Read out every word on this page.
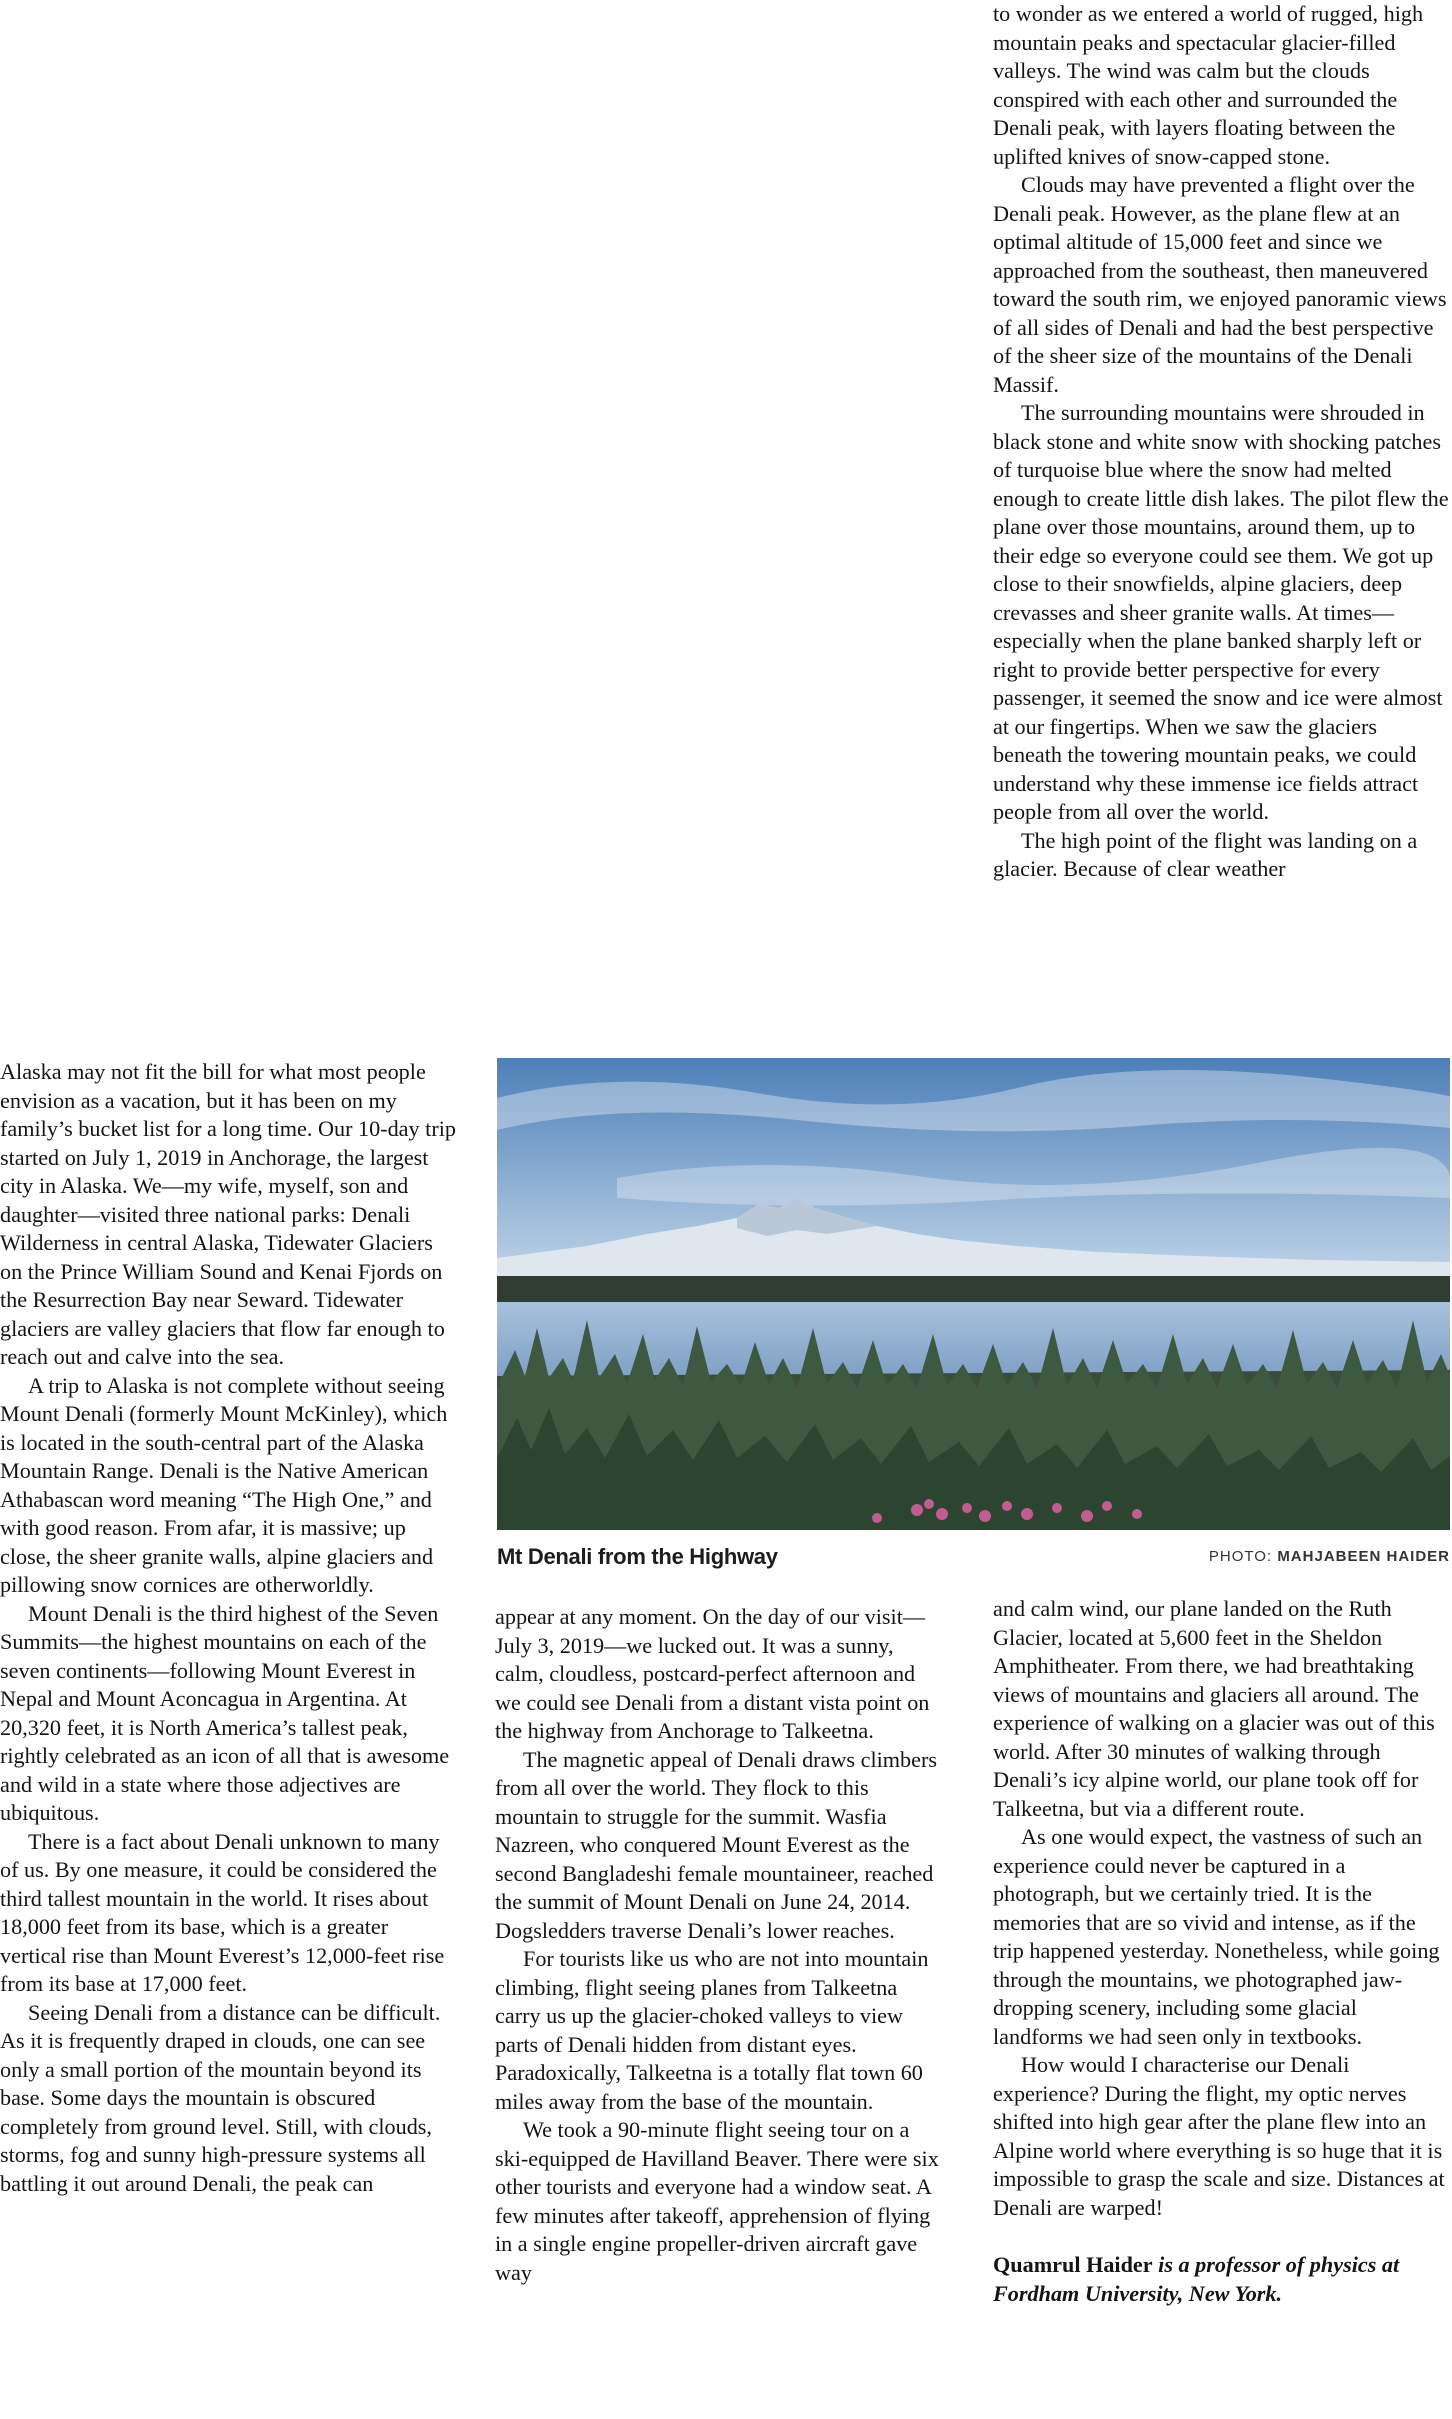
Alaska may not fit the bill for what most people envision as a vacation, but it has been on my family’s bucket list for a long time. Our 10-day trip started on July 1, 2019 in Anchorage, the largest city in Alaska. We—my wife, myself, son and daughter—visited three national parks: Denali Wilderness in central Alaska, Tidewater Glaciers on the Prince William Sound and Kenai Fjords on the Resurrection Bay near Seward. Tidewater glaciers are valley glaciers that flow far enough to reach out and calve into the sea.

A trip to Alaska is not complete without seeing Mount Denali (formerly Mount McKinley), which is located in the south-central part of the Alaska Mountain Range. Denali is the Native American Athabascan word meaning “The High One,” and with good reason. From afar, it is massive; up close, the sheer granite walls, alpine glaciers and pillowing snow cornices are otherworldly.

Mount Denali is the third highest of the Seven Summits—the highest mountains on each of the seven continents—following Mount Everest in Nepal and Mount Aconcagua in Argentina. At 20,320 feet, it is North America’s tallest peak, rightly celebrated as an icon of all that is awesome and wild in a state where those adjectives are ubiquitous.

There is a fact about Denali unknown to many of us. By one measure, it could be considered the third tallest mountain in the world. It rises about 18,000 feet from its base, which is a greater vertical rise than Mount Everest’s 12,000-feet rise from its base at 17,000 feet.

Seeing Denali from a distance can be difficult. As it is frequently draped in clouds, one can see only a small portion of the mountain beyond its base. Some days the mountain is obscured completely from ground level. Still, with clouds, storms, fog and sunny high-pressure systems all battling it out around Denali, the peak can

Mt Denali from the Highway	PHOTO: MAHJABEEN HAIDER

appear at any moment. On the day of our visit—July 3, 2019—we lucked out. It was a sunny, calm, cloudless, postcard-perfect afternoon and we could see Denali from a distant vista point on the highway from Anchorage to Talkeetna.

The magnetic appeal of Denali draws climbers from all over the world. They flock to this mountain to struggle for the summit. Wasfia Nazreen, who conquered Mount Everest as the second Bangladeshi female mountaineer, reached the summit of Mount Denali on June 24, 2014. Dogsledders traverse Denali’s lower reaches.

For tourists like us who are not into mountain climbing, flight seeing planes from Talkeetna carry us up the glacier-choked valleys to view parts of Denali hidden from distant eyes. Paradoxically, Talkeetna is a totally flat town 60 miles away from the base of the mountain.

We took a 90-minute flight seeing tour on a ski-equipped de Havilland Beaver. There were six other tourists and everyone had a window seat. A few minutes after takeoff, apprehension of flying in a single engine propeller-driven aircraft gave way

to wonder as we entered a world of rugged, high mountain peaks and spectacular glacier-filled valleys. The wind was calm but the clouds conspired with each other and surrounded the Denali peak, with layers floating between the uplifted knives of snow-capped stone.

Clouds may have prevented a flight over the Denali peak. However, as the plane flew at an optimal altitude of 15,000 feet and since we approached from the southeast, then maneuvered toward the south rim, we enjoyed panoramic views of all sides of Denali and had the best perspective of the sheer size of the mountains of the Denali Massif.

The surrounding mountains were shrouded in black stone and white snow with shocking patches of turquoise blue where the snow had melted enough to create little dish lakes. The pilot flew the plane over those mountains, around them, up to their edge so everyone could see them. We got up close to their snowfields, alpine glaciers, deep crevasses and sheer granite walls. At times—especially when the plane banked sharply left or right to provide better perspective for every passenger, it seemed the snow and ice were almost at our fingertips. When we saw the glaciers beneath the towering mountain peaks, we could understand why these immense ice fields attract people from all over the world.

The high point of the flight was landing on a glacier. Because of clear weather

and calm wind, our plane landed on the Ruth Glacier, located at 5,600 feet in the Sheldon Amphitheater. From there, we had breathtaking views of mountains and glaciers all around. The experience of walking on a glacier was out of this world. After 30 minutes of walking through Denali’s icy alpine world, our plane took off for Talkeetna, but via a different route.

As one would expect, the vastness of such an experience could never be captured in a photograph, but we certainly tried. It is the memories that are so vivid and intense, as if the trip happened yesterday. Nonetheless, while going through the mountains, we photographed jaw-dropping scenery, including some glacial landforms we had seen only in textbooks.

How would I characterise our Denali experience? During the flight, my optic nerves shifted into high gear after the plane flew into an Alpine world where everything is so huge that it is impossible to grasp the scale and size. Distances at Denali are warped!

Quamrul Haider is a professor of physics at Fordham University, New York.
